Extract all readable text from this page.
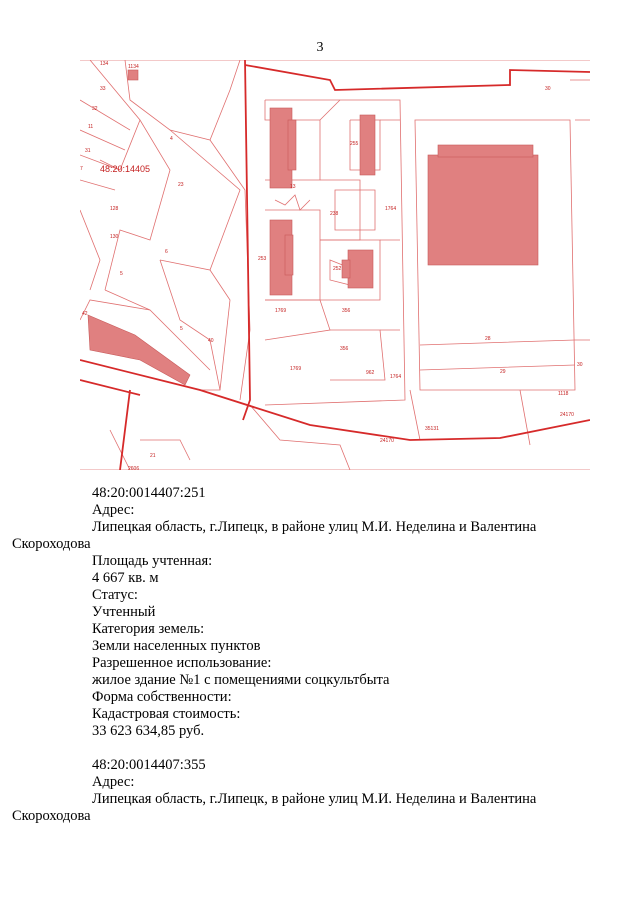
3
134	1134
33
32
11
31
7
4
23
128
130
6
5
5
42
40
255
13
238
253
252
1764
1769	356
356
1769
962
1764
28
29
30
30
24170
24170
21
2606
35131
1118
48:20:14405

48:20:0014407:251

Адрес:

Липецкая область, г.Липецк, в районе улиц М.И. Неделина и Валентина
Скороходова

Площадь учтенная:

4 667 кв. м

Статус:

Учтенный

Категория земель:

Земли населенных пунктов

Разрешенное использование:

жилое здание №1 с помещениями соцкультбыта

Форма собственности:

Кадастровая стоимость:

33 623 634,85 руб.

48:20:0014407:355

Адрес:

Липецкая область, г.Липецк, в районе улиц М.И. Неделина и Валентина
Скороходова
